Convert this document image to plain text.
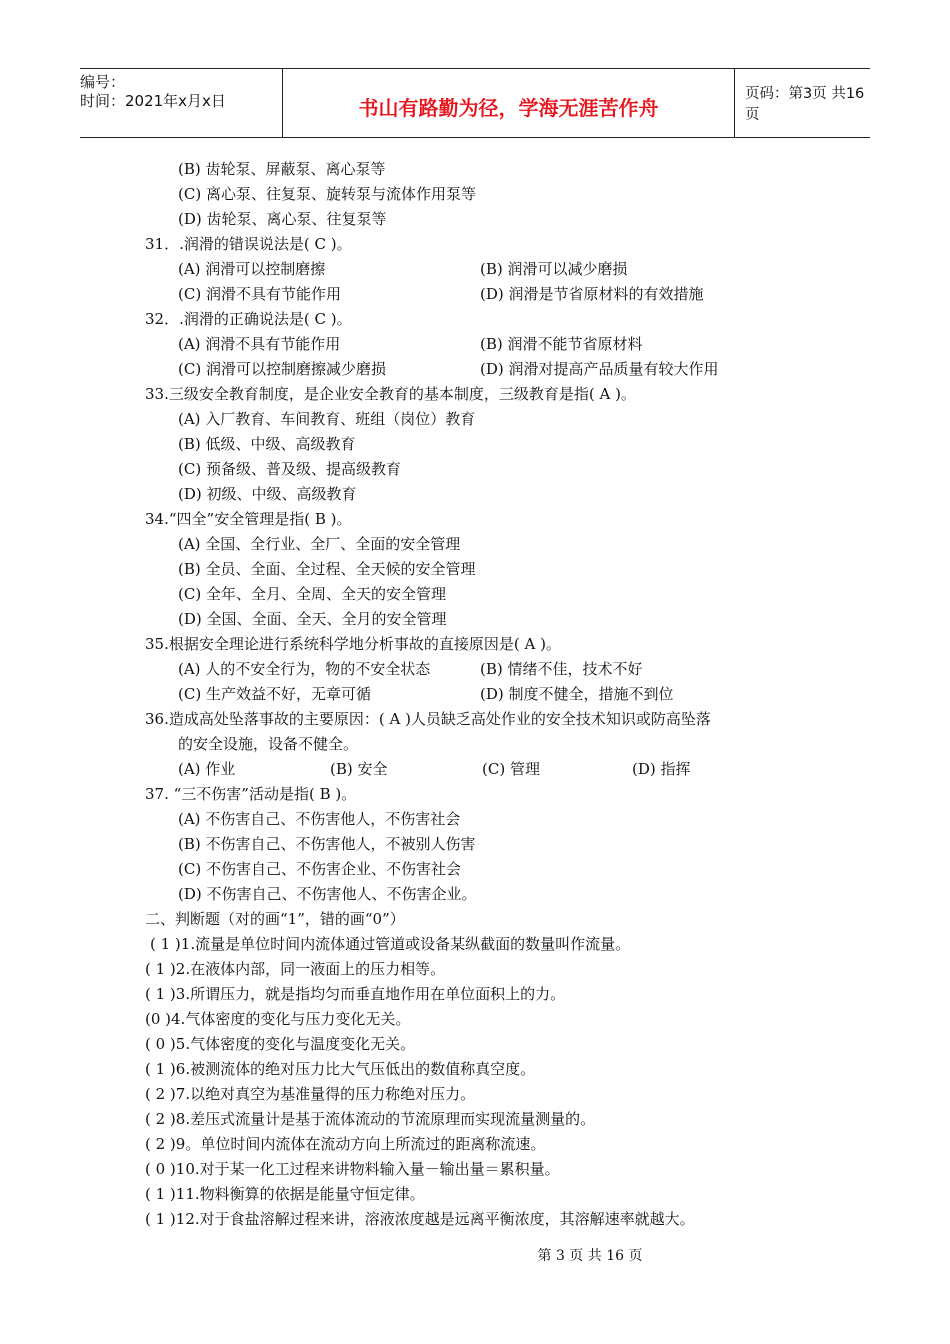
编号：
时间：2021年x月x日	书山有路勤为径，学海无涯苦作舟
页码：第3页 共16页
(B) 齿轮泵、屏蔽泵、离心泵等
(C) 离心泵、往复泵、旋转泵与流体作用泵等
(D) 齿轮泵、离心泵、往复泵等
31．.润滑的错误说法是( C )。
(A) 润滑可以控制磨擦	(B) 润滑可以减少磨损
(C) 润滑不具有节能作用	(D) 润滑是节省原材料的有效措施
32．.润滑的正确说法是( C )。
(A) 润滑不具有节能作用	(B) 润滑不能节省原材料
(C) 润滑可以控制磨擦减少磨损	(D) 润滑对提高产品质量有较大作用
33.三级安全教育制度，是企业安全教育的基本制度，三级教育是指( A )。
(A) 入厂教育、车间教育、班组（岗位）教育
(B) 低级、中级、高级教育
(C) 预备级、普及级、提高级教育
(D) 初级、中级、高级教育
34.“四全”安全管理是指( B )。
(A) 全国、全行业、全厂、全面的安全管理
(B) 全员、全面、全过程、全天候的安全管理
(C) 全年、全月、全周、全天的安全管理
(D) 全国、全面、全天、全月的安全管理
35.根据安全理论进行系统科学地分析事故的直接原因是( A )。
(A) 人的不安全行为，物的不安全状态	(B) 情绪不佳，技术不好
(C) 生产效益不好，无章可循	(D) 制度不健全，措施不到位
36.造成高处坠落事故的主要原因：( A )人员缺乏高处作业的安全技术知识或防高坠落
的安全设施，设备不健全。
(A) 作业	(B) 安全	(C) 管理	(D) 指挥
37. “三不伤害”活动是指( B )。
(A) 不伤害自己、不伤害他人，不伤害社会
(B) 不伤害自己、不伤害他人，不被别人伤害
(C) 不伤害自己、不伤害企业、不伤害社会
(D) 不伤害自己、不伤害他人、不伤害企业。
二、判断题（对的画“1”，错的画“0”）
( 1 )1.流量是单位时间内流体通过管道或设备某纵截面的数量叫作流量。
( 1 )2.在液体内部，同一液面上的压力相等。
( 1 )3.所谓压力，就是指均匀而垂直地作用在单位面积上的力。
(0 )4.气体密度的变化与压力变化无关。
( 0 )5.气体密度的变化与温度变化无关。
( 1 )6.被测流体的绝对压力比大气压低出的数值称真空度。
( 2 )7.以绝对真空为基准量得的压力称绝对压力。
( 2 )8.差压式流量计是基于流体流动的节流原理而实现流量测量的。
( 2 )9。单位时间内流体在流动方向上所流过的距离称流速。
( 0 )10.对于某一化工过程来讲物料输入量－输出量＝累积量。
( 1 )11.物料衡算的依据是能量守恒定律。
( 1 )12.对于食盐溶解过程来讲，溶液浓度越是远离平衡浓度，其溶解速率就越大。
第 3 页 共 16 页
